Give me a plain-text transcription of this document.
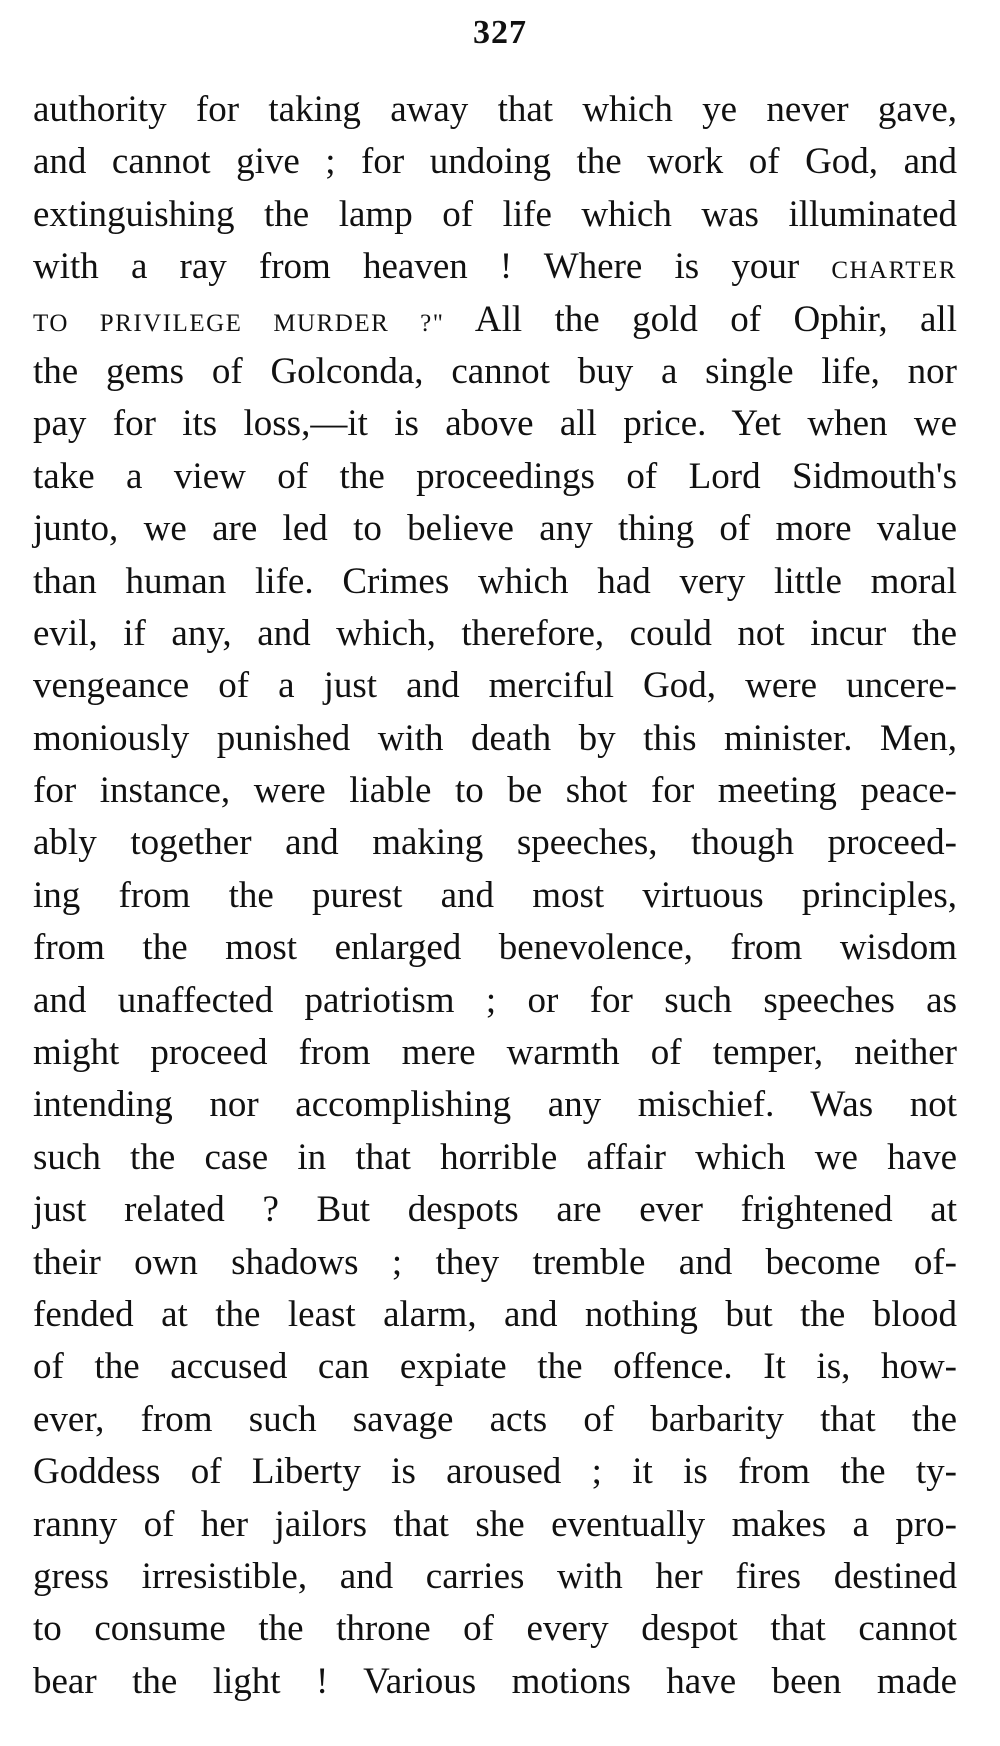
327
authority for taking away that which ye never gave,
and cannot give ; for undoing the work of God, and
extinguishing the lamp of life which was illuminated
with a ray from heaven ! Where is your CHARTER
TO PRIVILEGE MURDER ?" All the gold of Ophir, all
the gems of Golconda, cannot buy a single life, nor
pay for its loss,—it is above all price. Yet when we
take a view of the proceedings of Lord Sidmouth's
junto, we are led to believe any thing of more value
than human life. Crimes which had very little moral
evil, if any, and which, therefore, could not incur the
vengeance of a just and merciful God, were uncere-
moniously punished with death by this minister. Men,
for instance, were liable to be shot for meeting peace-
ably together and making speeches, though proceed-
ing from the purest and most virtuous principles,
from the most enlarged benevolence, from wisdom
and unaffected patriotism ; or for such speeches as
might proceed from mere warmth of temper, neither
intending nor accomplishing any mischief. Was not
such the case in that horrible affair which we have
just related ? But despots are ever frightened at
their own shadows ; they tremble and become of-
fended at the least alarm, and nothing but the blood
of the accused can expiate the offence. It is, how-
ever, from such savage acts of barbarity that the
Goddess of Liberty is aroused ; it is from the ty-
ranny of her jailors that she eventually makes a pro-
gress irresistible, and carries with her fires destined
to consume the throne of every despot that cannot
bear the light ! Various motions have been made
